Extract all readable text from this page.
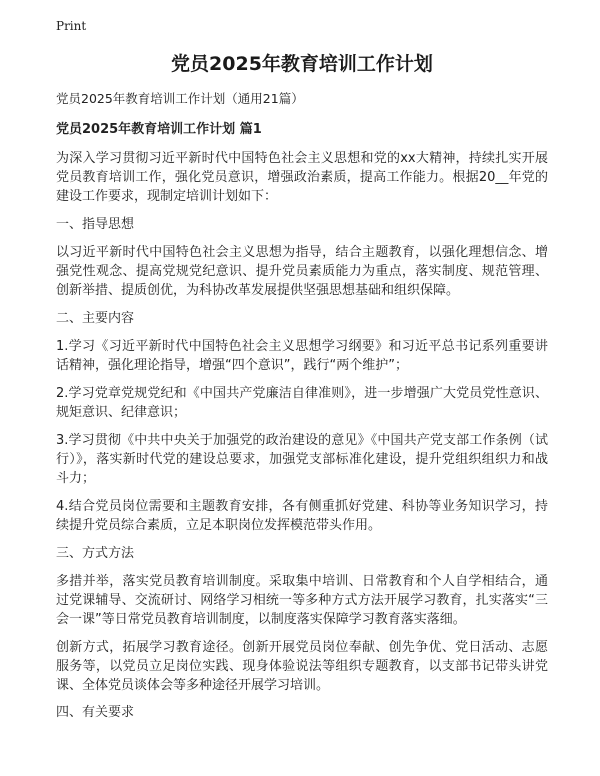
Print
党员2025年教育培训工作计划

党员2025年教育培训工作计划（通用21篇）

党员2025年教育培训工作计划 篇1

为深入学习贯彻习近平新时代中国特色社会主义思想和党的xx大精神，持续扎实开展党员教育培训工作，强化党员意识，增强政治素质，提高工作能力。根据20__年党的建设工作要求，现制定培训计划如下：

一、指导思想

以习近平新时代中国特色社会主义思想为指导，结合主题教育，以强化理想信念、增强党性观念、提高党规党纪意识、提升党员素质能力为重点，落实制度、规范管理、创新举措、提质创优，为科协改革发展提供坚强思想基础和组织保障。

二、主要内容

1.学习《习近平新时代中国特色社会主义思想学习纲要》和习近平总书记系列重要讲话精神，强化理论指导，增强“四个意识”，践行“两个维护”；

2.学习党章党规党纪和《中国共产党廉洁自律准则》，进一步增强广大党员党性意识、规矩意识、纪律意识；

3.学习贯彻《中共中央关于加强党的政治建设的意见》《中国共产党支部工作条例（试行）》，落实新时代党的建设总要求，加强党支部标准化建设，提升党组织组织力和战斗力；

4.结合党员岗位需要和主题教育安排，各有侧重抓好党建、科协等业务知识学习，持续提升党员综合素质，立足本职岗位发挥模范带头作用。

三、方式方法

多措并举，落实党员教育培训制度。采取集中培训、日常教育和个人自学相结合，通过党课辅导、交流研讨、网络学习相统一等多种方式方法开展学习教育，扎实落实“三会一课”等日常党员教育培训制度，以制度落实保障学习教育落实落细。

创新方式，拓展学习教育途径。创新开展党员岗位奉献、创先争优、党日活动、志愿服务等，以党员立足岗位实践、现身体验说法等组织专题教育，以支部书记带头讲党课、全体党员谈体会等多种途径开展学习培训。

四、有关要求
